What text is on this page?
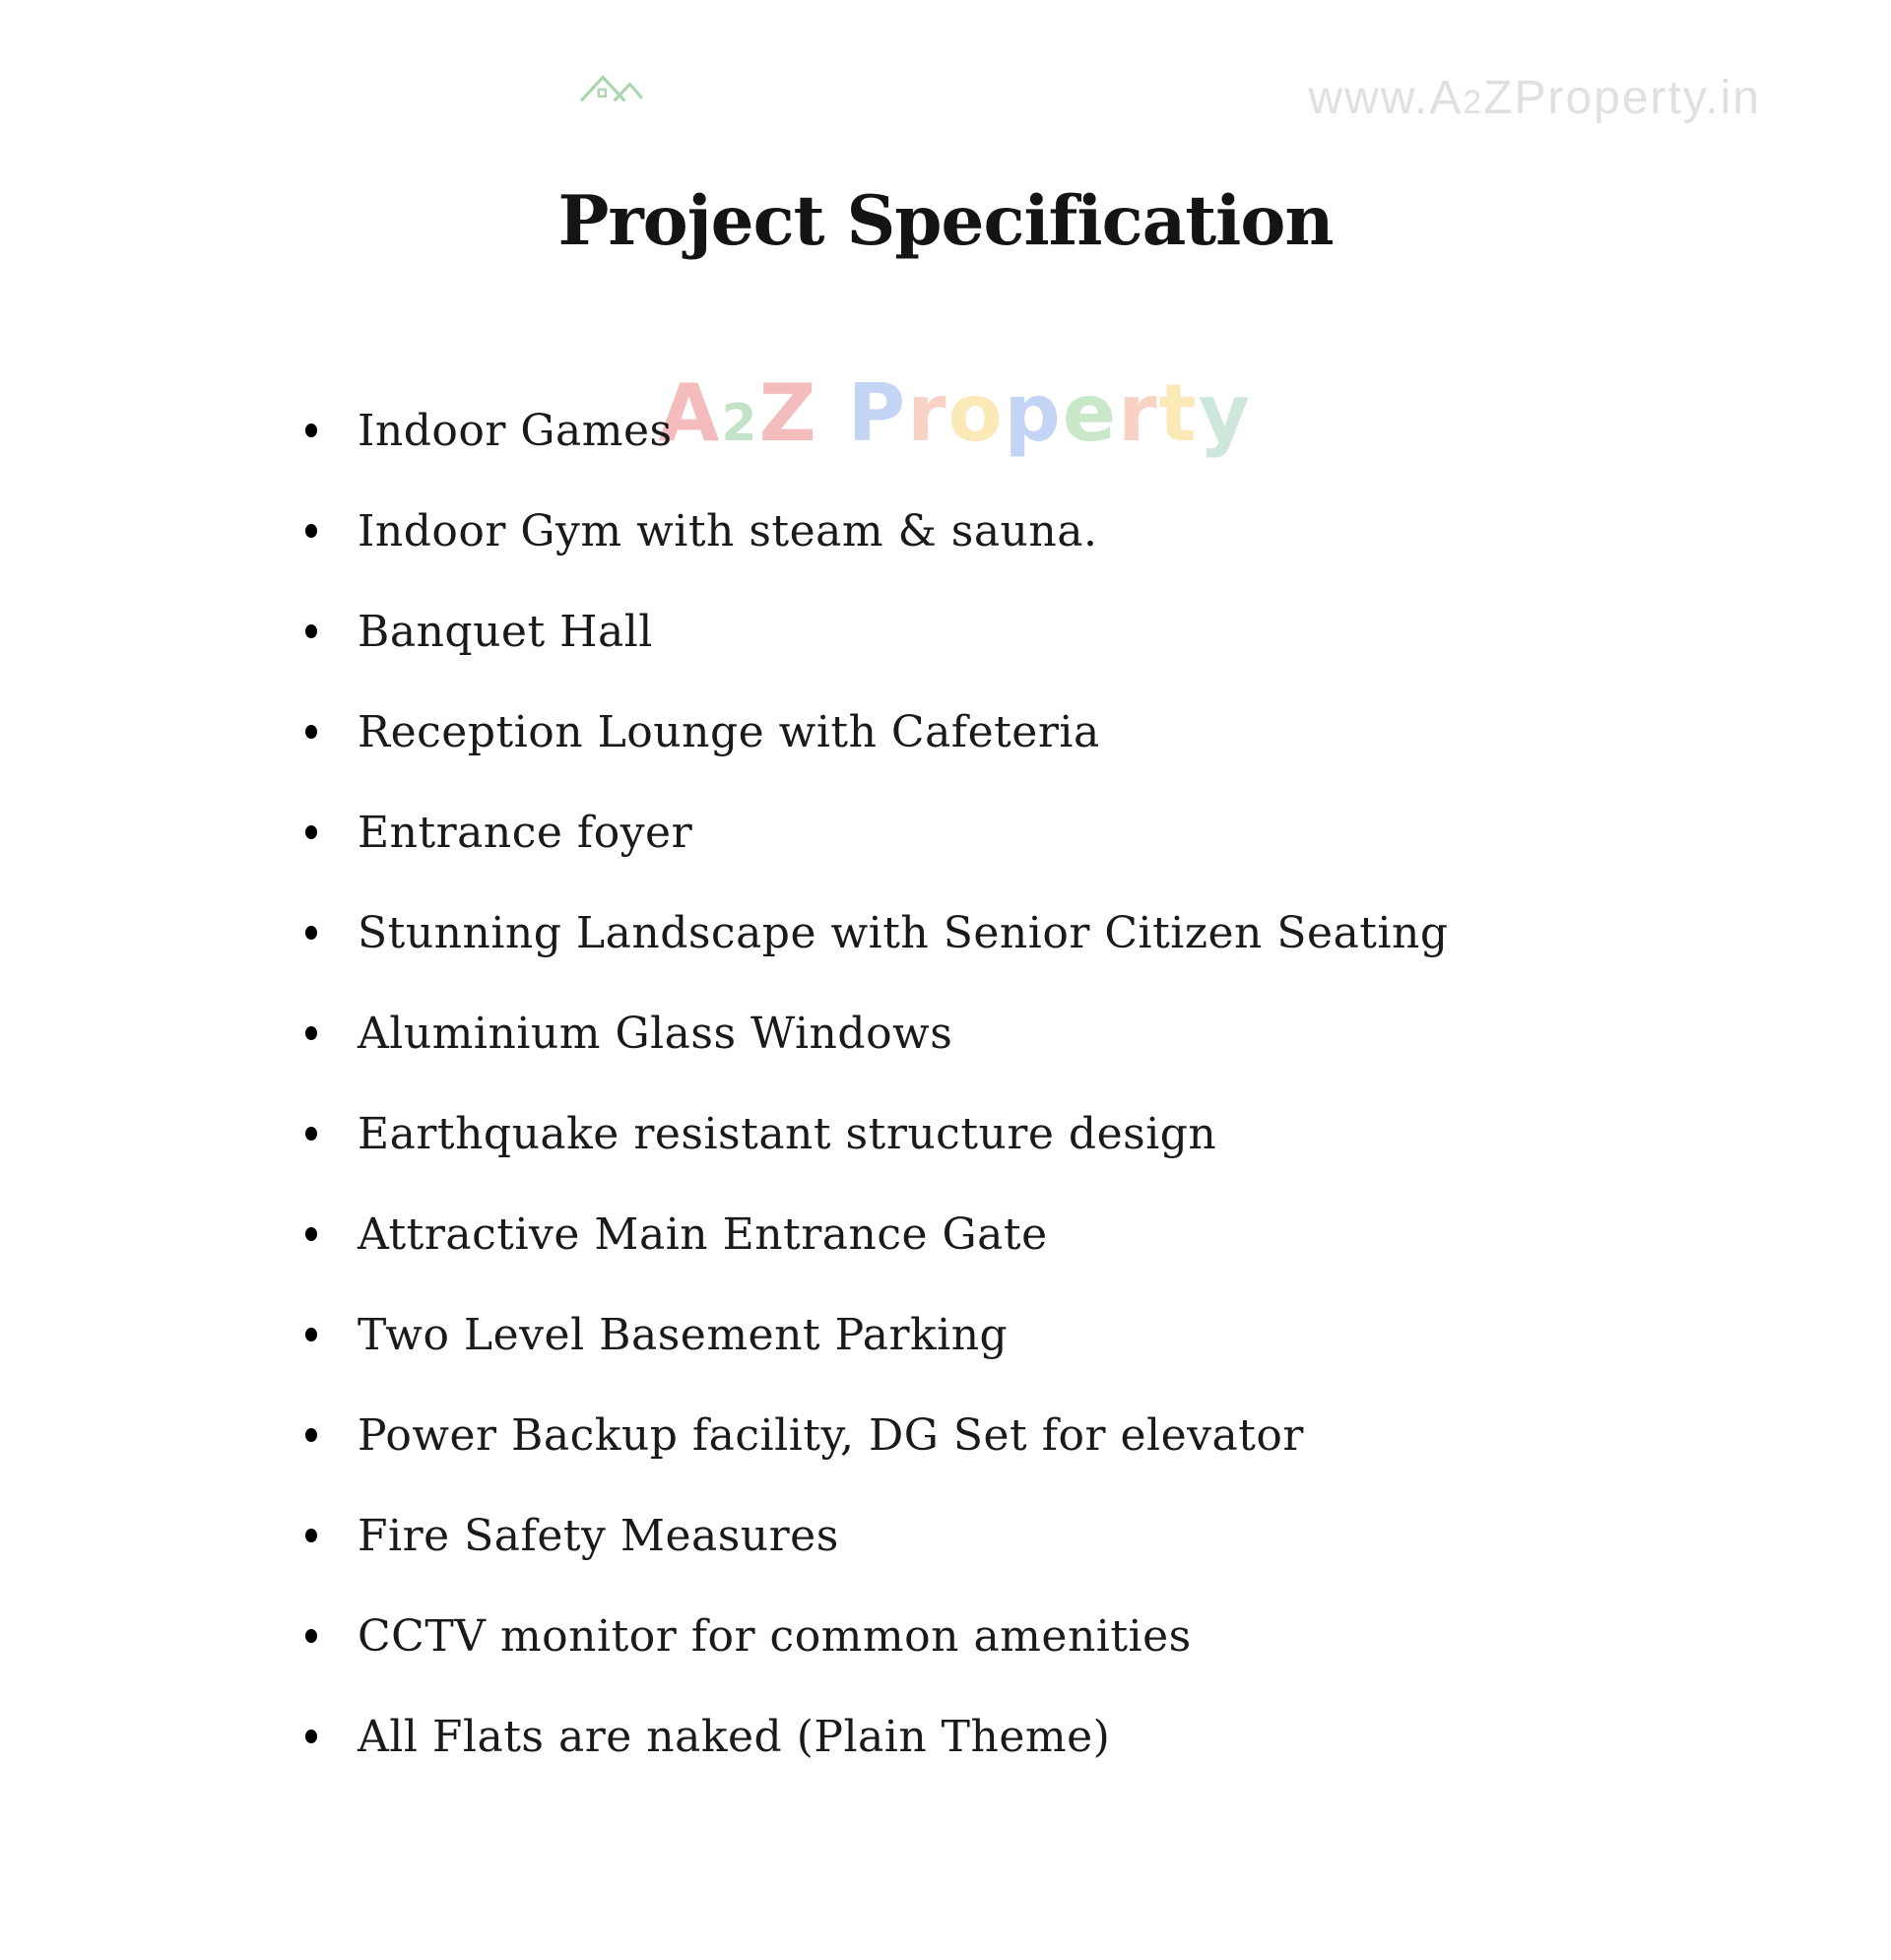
www.A2ZProperty.in

A2Z Property
Project Specification
Indoor Games
Indoor Gym with steam & sauna.
Banquet Hall
Reception Lounge with Cafeteria
Entrance foyer
Stunning Landscape with Senior Citizen Seating
Aluminium Glass Windows
Earthquake resistant structure design
Attractive Main Entrance Gate
Two Level Basement Parking
Power Backup facility, DG Set for elevator
Fire Safety Measures
CCTV monitor for common amenities
All Flats are naked (Plain Theme)
